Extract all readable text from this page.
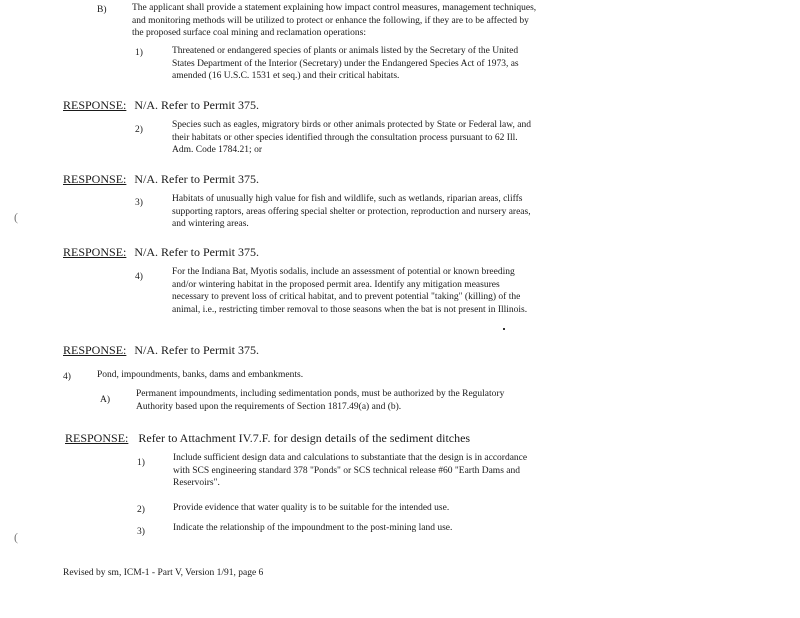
B)	The applicant shall provide a statement explaining how impact control measures, management techniques, and monitoring methods will be utilized to protect or enhance the following, if they are to be affected by the proposed surface coal mining and reclamation operations:
1)	Threatened or endangered species of plants or animals listed by the Secretary of the United States Department of the Interior (Secretary) under the Endangered Species Act of 1973, as amended (16 U.S.C. 1531 et seq.) and their critical habitats.
RESPONSE: N/A. Refer to Permit 375.
2)	Species such as eagles, migratory birds or other animals protected by State or Federal law, and their habitats or other species identified through the consultation process pursuant to 62 Ill. Adm. Code 1784.21; or
RESPONSE: N/A. Refer to Permit 375.
3)	Habitats of unusually high value for fish and wildlife, such as wetlands, riparian areas, cliffs supporting raptors, areas offering special shelter or protection, reproduction and nursery areas, and wintering areas.
RESPONSE: N/A. Refer to Permit 375.
4)	For the Indiana Bat, Myotis sodalis, include an assessment of potential or known breeding and/or wintering habitat in the proposed permit area. Identify any mitigation measures necessary to prevent loss of critical habitat, and to prevent potential "taking" (killing) of the animal, i.e., restricting timber removal to those seasons when the bat is not present in Illinois.
RESPONSE: N/A. Refer to Permit 375.
4)	Pond, impoundments, banks, dams and embankments.
A)
Permanent impoundments, including sedimentation ponds, must be authorized by the Regulatory Authority based upon the requirements of Section 1817.49(a) and (b).
RESPONSE: Refer to Attachment IV.7.F. for design details of the sediment ditches
1)	Include sufficient design data and calculations to substantiate that the design is in accordance with SCS engineering standard 378 "Ponds" or SCS technical release #60 "Earth Dams and Reservoirs".
2)	Provide evidence that water quality is to be suitable for the intended use.
3)	Indicate the relationship of the impoundment to the post-mining land use.
Revised by sm, ICM-1 - Part V, Version 1/91, page 6
(
(
